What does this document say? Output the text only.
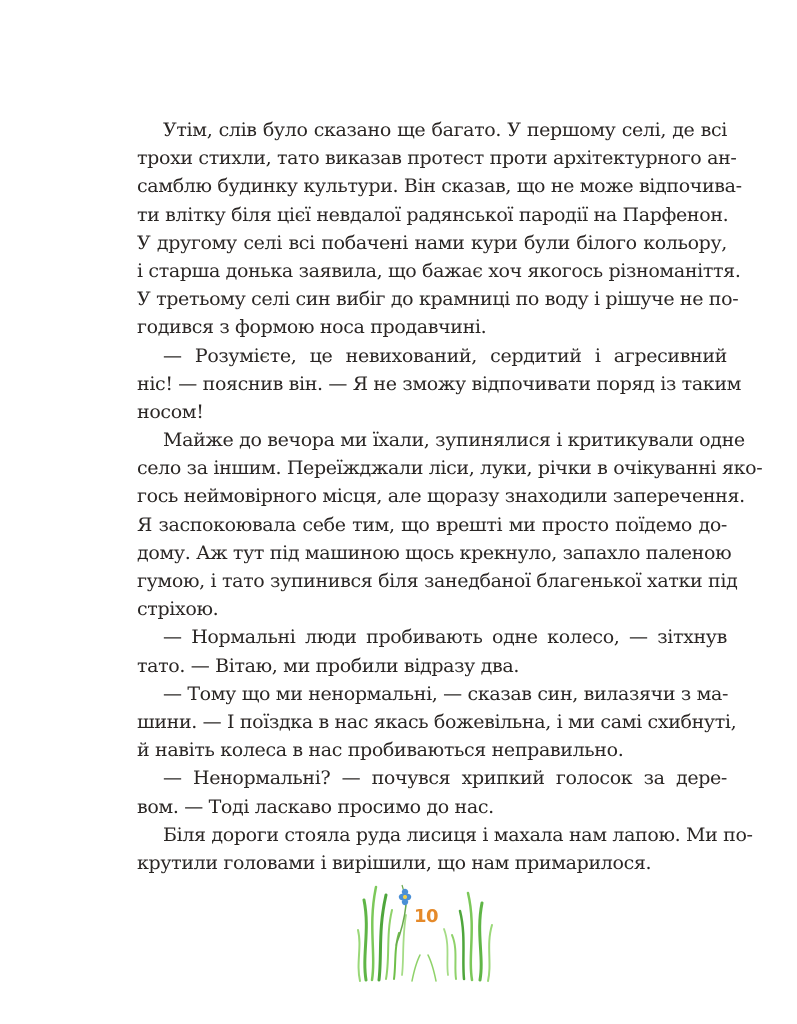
Утім, слів було сказано ще багато. У першому селі, де всі
трохи стихли, тато виказав протест проти архітектурного ан-
самблю будинку культури. Він сказав, що не може відпочива-
ти влітку біля цієї невдалої радянської пародії на Парфенон.
У другому селі всі побачені нами кури були білого кольору,
і старша донька заявила, що бажає хоч якогось різноманіття.
У третьому селі син вибіг до крамниці по воду і рішуче не по-
годився з формою носа продавчині.
— Розумієте, це невихований, сердитий і агресивний
ніс! — пояснив він. — Я не зможу відпочивати поряд із таким
носом!
Майже до вечора ми їхали, зупинялися і критикували одне
село за іншим. Переїжджали ліси, луки, річки в очікуванні яко-
гось неймовірного місця, але щоразу знаходили заперечення.
Я заспокоювала себе тим, що врешті ми просто поїдемо до-
дому. Аж тут під машиною щось крекнуло, запахло паленою
гумою, і тато зупинився біля занедбаної благенької хатки під
стріхою.
— Нормальні люди пробивають одне колесо, — зітхнув
тато. — Вітаю, ми пробили відразу два.
— Тому що ми ненормальні, — сказав син, вилазячи з ма-
шини. — І поїздка в нас якась божевільна, і ми самі схибнуті,
й навіть колеса в нас пробиваються неправильно.
— Ненормальні? — почувся хрипкий голосок за дере-
вом. — Тоді ласкаво просимо до нас.
Біля дороги стояла руда лисиця і махала нам лапою. Ми по-
крутили головами і вирішили, що нам примарилося.
10
